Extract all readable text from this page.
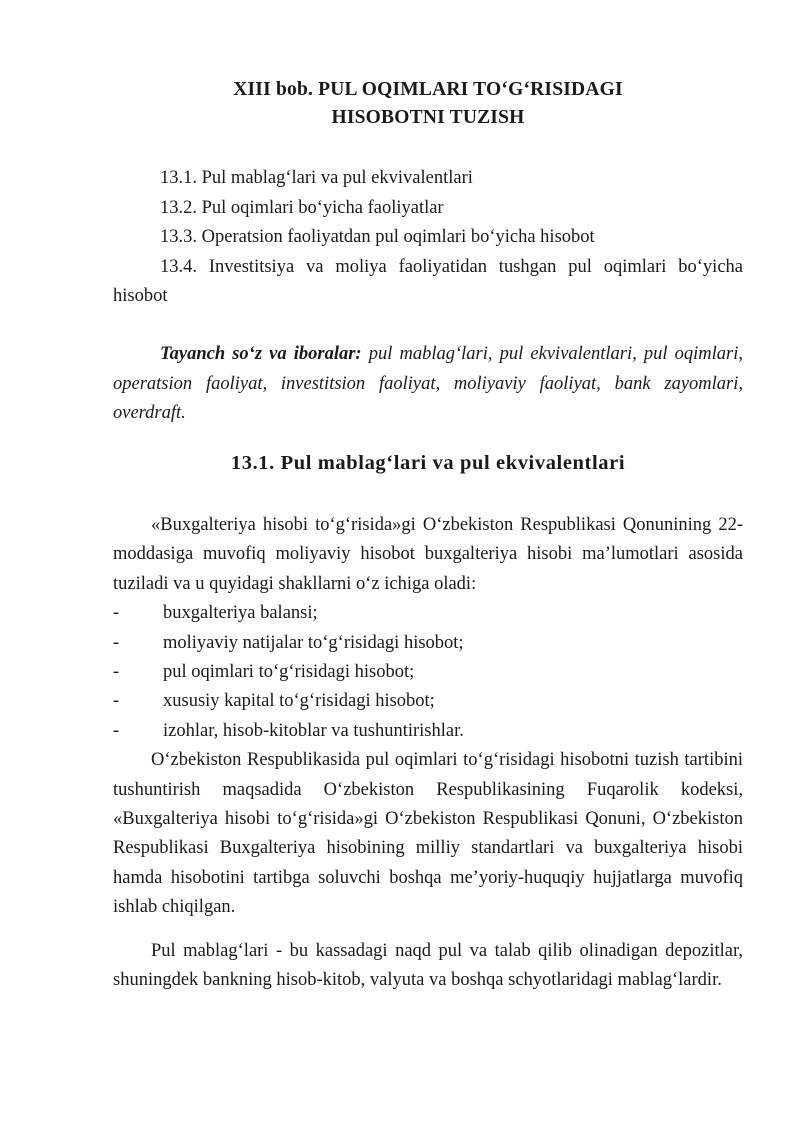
XIII bob. PUL OQIMLARI TO‘G‘RISIDAGI
HISOBOTNI TUZISH
13.1. Pul mablag‘lari va pul ekvivalentlari
13.2. Pul oqimlari bo‘yicha faoliyatlar
13.3. Operatsion faoliyatdan pul oqimlari bo‘yicha hisobot
13.4. Investitsiya va moliya faoliyatidan tushgan pul oqimlari bo‘yicha hisobot
Tayanch so‘z va iboralar: pul mablag‘lari, pul ekvivalentlari, pul oqimlari, operatsion faoliyat, investitsion faoliyat, moliyaviy faoliyat, bank zayomlari, overdraft.
13.1. Pul mablag‘lari va pul ekvivalentlari

«Buxgalteriya hisobi to‘g‘risida»gi O‘zbekiston Respublikasi Qonunining 22-moddasiga muvofiq moliyaviy hisobot buxgalteriya hisobi ma’lumotlari asosida tuziladi va u quyidagi shakllarni o‘z ichiga oladi:

- buxgalteriya balansi;
- moliyaviy natijalar to‘g‘risidagi hisobot;
- pul oqimlari to‘g‘risidagi hisobot;
- xususiy kapital to‘g‘risidagi hisobot;
- izohlar, hisob-kitoblar va tushuntirishlar.

O‘zbekiston Respublikasida pul oqimlari to‘g‘risidagi hisobotni tuzish tartibini tushuntirish maqsadida O‘zbekiston Respublikasining Fuqarolik kodeksi, «Buxgalteriya hisobi to‘g‘risida»gi O‘zbekiston Respublikasi Qonuni, O‘zbekiston Respublikasi Buxgalteriya hisobining milliy standartlari va buxgalteriya hisobi hamda hisobotini tartibga soluvchi boshqa me’yoriy-huquqiy hujjatlarga muvofiq ishlab chiqilgan.

Pul mablag‘lari - bu kassadagi naqd pul va talab qilib olinadigan depozitlar, shuningdek bankning hisob-kitob, valyuta va boshqa schyotlaridagi mablag‘lardir.
